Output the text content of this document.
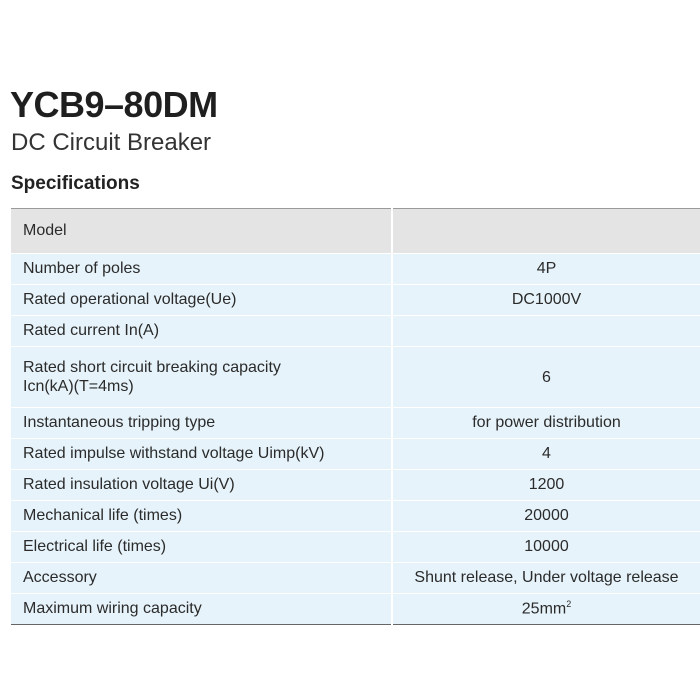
YCB9–80DM
DC Circuit Breaker
Specifications
Model	
Number of poles	4P
Rated operational voltage(Ue)	DC1000V
Rated current In(A)	
Rated short circuit breaking capacity
Icn(kA)(T=4ms)	6
Instantaneous tripping type	for power distribution
Rated impulse withstand voltage Uimp(kV)	4
Rated insulation voltage Ui(V)	1200
Mechanical life (times)	20000
Electrical life (times)	10000
Accessory	Shunt release, Under voltage release
Maximum wiring capacity	$25mm^2$
